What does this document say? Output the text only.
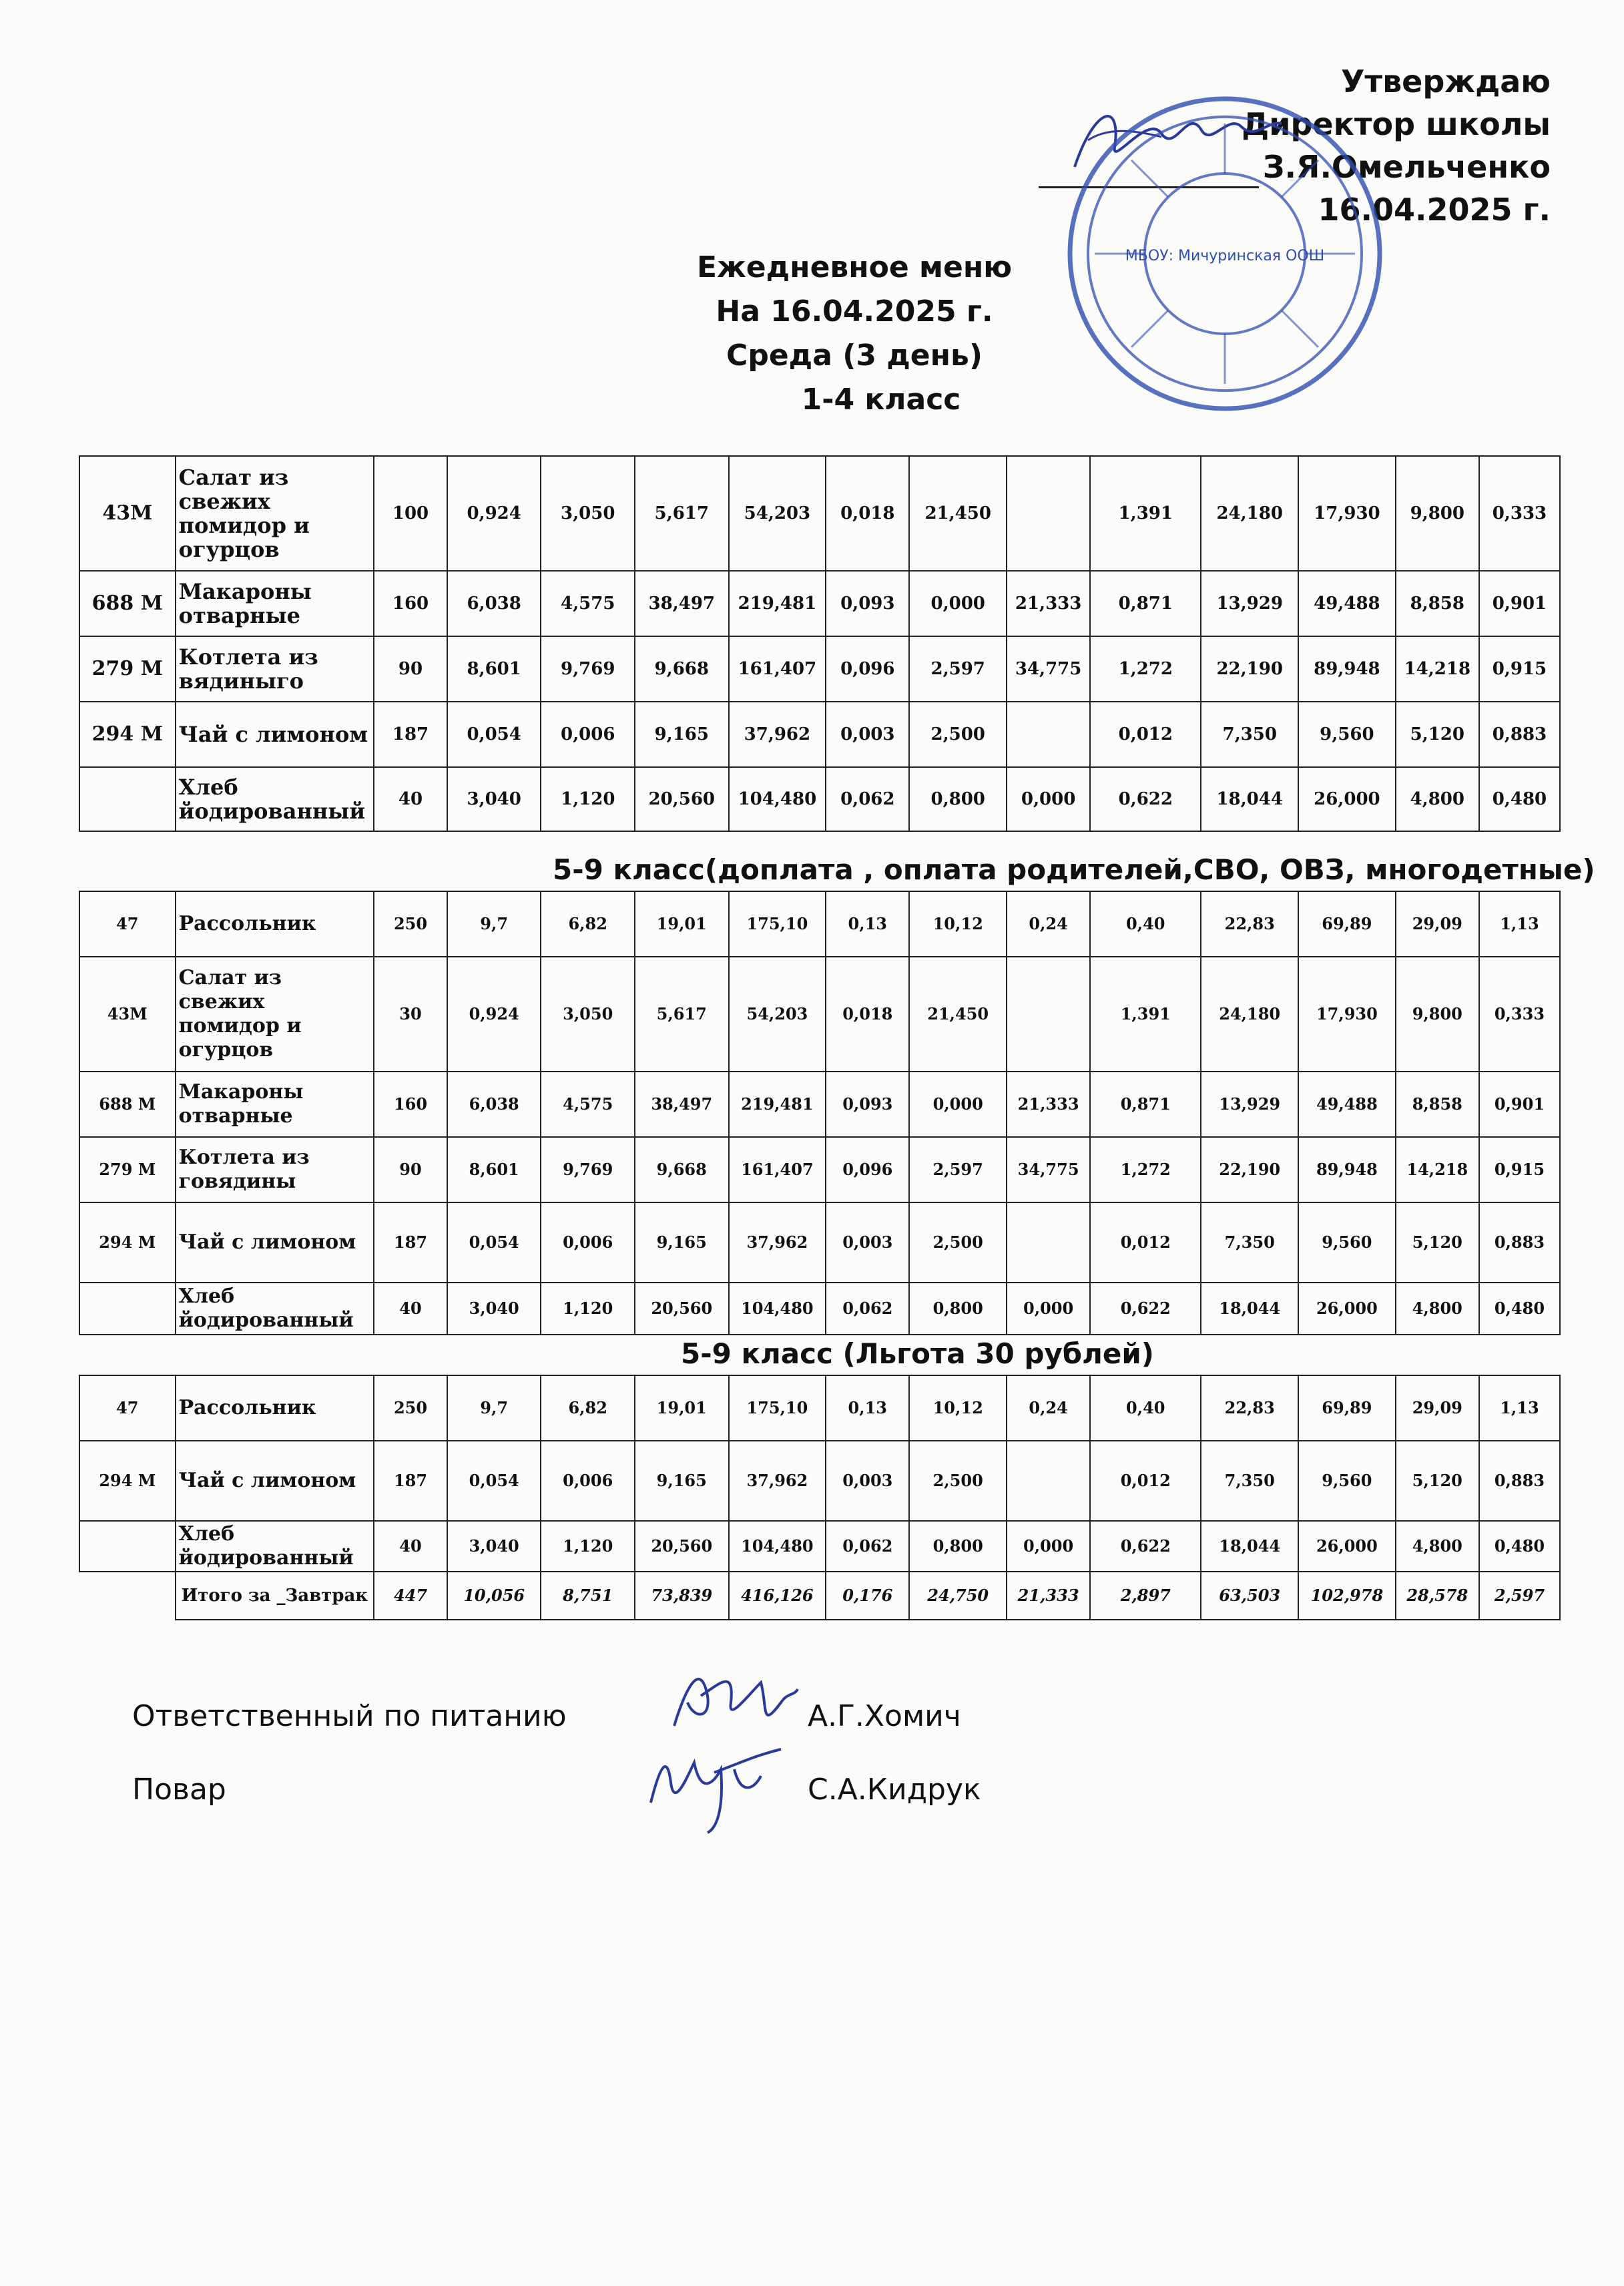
Утверждаю
Директор школы
З.Я.Омельченко
16.04.2025 г.
МБОУ: Мичуринская ООШ
Ежедневное меню
На 16.04.2025 г.
Среда (3 день)
1-4 класс
43М	Салат из свежих помидор и огурцов	100	0,924	3,050	5,617	54,203	0,018	21,450		1,391	24,180	17,930	9,800	0,333
688 М	Макароны отварные	160	6,038	4,575	38,497	219,481	0,093	0,000	21,333	0,871	13,929	49,488	8,858	0,901
279 М	Котлета из вядиныго	90	8,601	9,769	9,668	161,407	0,096	2,597	34,775	1,272	22,190	89,948	14,218	0,915
294 М	Чай с лимоном	187	0,054	0,006	9,165	37,962	0,003	2,500		0,012	7,350	9,560	5,120	0,883
	Хлеб йодированный	40	3,040	1,120	20,560	104,480	0,062	0,800	0,000	0,622	18,044	26,000	4,800	0,480
5-9 класс(доплата , оплата родителей,СВО, ОВЗ, многодетные)
47	Рассольник	250	9,7	6,82	19,01	175,10	0,13	10,12	0,24	0,40	22,83	69,89	29,09	1,13
43М	Салат из свежих помидор и огурцов	30	0,924	3,050	5,617	54,203	0,018	21,450		1,391	24,180	17,930	9,800	0,333
688 М	Макароны отварные	160	6,038	4,575	38,497	219,481	0,093	0,000	21,333	0,871	13,929	49,488	8,858	0,901
279 М	Котлета из говядины	90	8,601	9,769	9,668	161,407	0,096	2,597	34,775	1,272	22,190	89,948	14,218	0,915
294 М	Чай с лимоном	187	0,054	0,006	9,165	37,962	0,003	2,500		0,012	7,350	9,560	5,120	0,883
	Хлеб йодированный	40	3,040	1,120	20,560	104,480	0,062	0,800	0,000	0,622	18,044	26,000	4,800	0,480
5-9 класс (Льгота 30 рублей)
47	Рассольник	250	9,7	6,82	19,01	175,10	0,13	10,12	0,24	0,40	22,83	69,89	29,09	1,13
294 М	Чай с лимоном	187	0,054	0,006	9,165	37,962	0,003	2,500		0,012	7,350	9,560	5,120	0,883
	Хлеб йодированный	40	3,040	1,120	20,560	104,480	0,062	0,800	0,000	0,622	18,044	26,000	4,800	0,480
	Итого за _Завтрак	447	10,056	8,751	73,839	416,126	0,176	24,750	21,333	2,897	63,503	102,978	28,578	2,597
Ответственный по питанию	А.Г.Хомич
Повар	С.А.Кидрук
